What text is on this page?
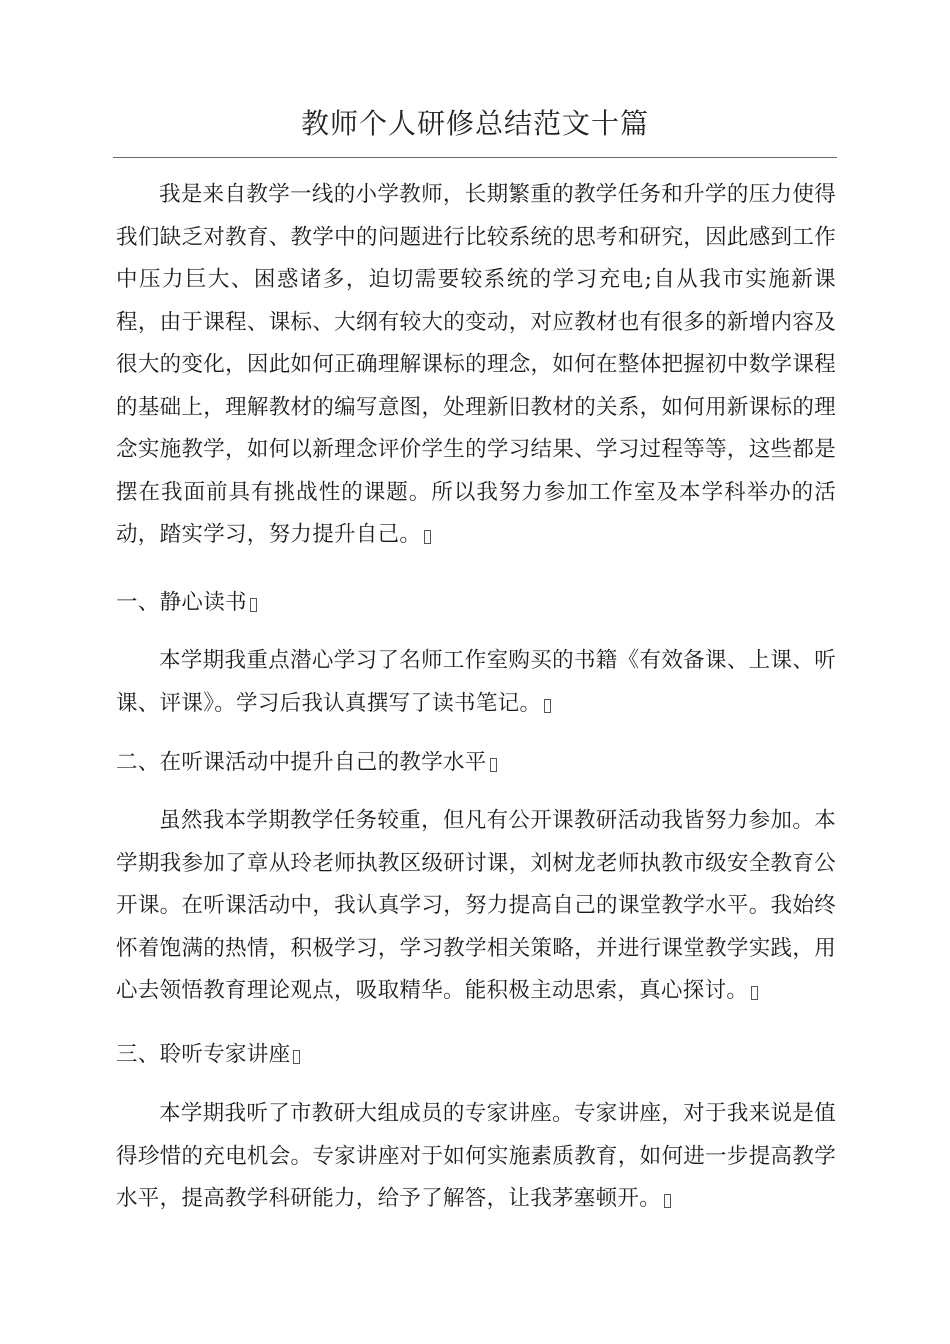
教师个人研修总结范文十篇
我是来自教学一线的小学教师，长期繁重的教学任务和升学的压力使得我们缺乏对教育、教学中的问题进行比较系统的思考和研究，因此感到工作中压力巨大、困惑诸多，迫切需要较系统的学习充电;自从我市实施新课程，由于课程、课标、大纲有较大的变动，对应教材也有很多的新增内容及很大的变化，因此如何正确理解课标的理念，如何在整体把握初中数学课程的基础上，理解教材的编写意图，处理新旧教材的关系，如何用新课标的理念实施教学，如何以新理念评价学生的学习结果、学习过程等等，这些都是摆在我面前具有挑战性的课题。所以我努力参加工作室及本学科举办的活动，踏实学习，努力提升自己。
一、静心读书
本学期我重点潜心学习了名师工作室购买的书籍《有效备课、上课、听课、评课》。学习后我认真撰写了读书笔记。
二、在听课活动中提升自己的教学水平
虽然我本学期教学任务较重，但凡有公开课教研活动我皆努力参加。本学期我参加了章从玲老师执教区级研讨课，刘树龙老师执教市级安全教育公开课。在听课活动中，我认真学习，努力提高自己的课堂教学水平。我始终怀着饱满的热情，积极学习，学习教学相关策略，并进行课堂教学实践，用心去领悟教育理论观点，吸取精华。能积极主动思索，真心探讨。
三、聆听专家讲座
本学期我听了市教研大组成员的专家讲座。专家讲座，对于我来说是值得珍惜的充电机会。专家讲座对于如何实施素质教育，如何进一步提高教学水平，提高教学科研能力，给予了解答，让我茅塞顿开。
